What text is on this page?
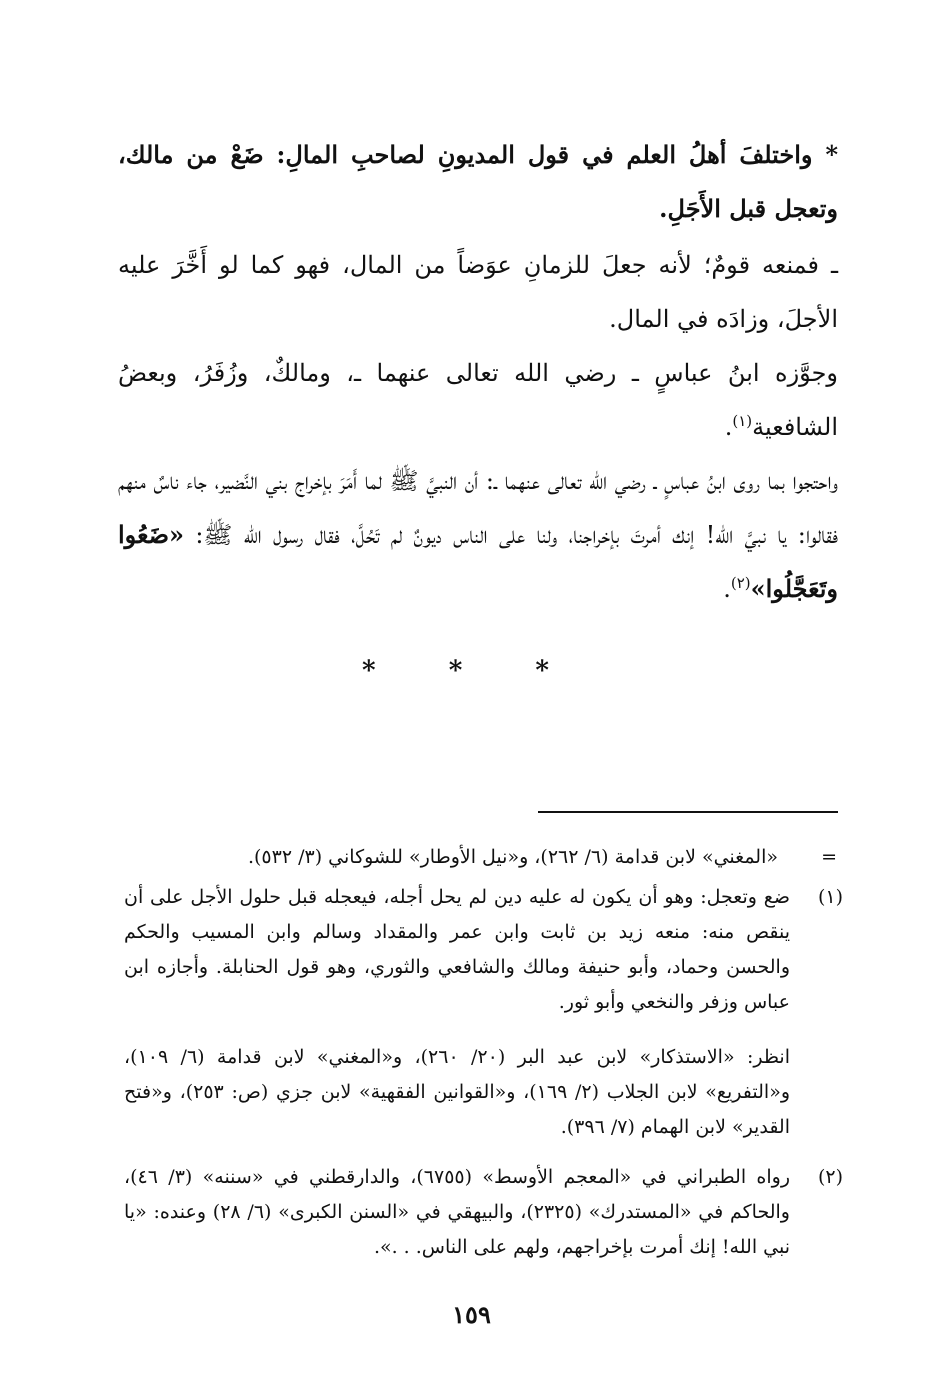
* واختلفَ أهلُ العلم في قول المديونِ لصاحبِ المالِ: ضَعْ من مالك، وتعجل قبل الأَجَلِ.

ـ فمنعه قومٌ؛ لأنه جعلَ للزمانِ عوَضاً من المال، فهو كما لو أَخَّرَ عليه الأجلَ، وزادَه في المال.

وجوَّزه ابنُ عباسٍ ـ رضي الله تعالى عنهما ـ، ومالكٌ، وزُفَرُ، وبعضُ الشافعية$^{(١)}$.

واحتجوا بما روى ابنُ عباسٍ ـ رضي الله تعالى عنهما ـ: أن النبيَّ ﷺ لما أَمَرَ بإخراج بني النَّضير، جاء ناسٌ منهم فقالوا: يا نبيَّ الله! إنك أمرتَ بإخراجنا، ولنا على الناس ديونٌ لم تَحُلَّ، فقال رسول الله ﷺ: «ضَعُوا وتَعَجَّلُوا»$^{(٢)}$.

* * *
=

«المغني» لابن قدامة (٦/ ٢٦٢)، و«نيل الأوطار» للشوكاني (٣/ ٥٣٢).

(١)

ضع وتعجل: وهو أن يكون له عليه دين لم يحل أجله، فيعجله قبل حلول الأجل على أن ينقص منه: منعه زيد بن ثابت وابن عمر والمقداد وسالم وابن المسيب والحكم والحسن وحماد، وأبو حنيفة ومالك والشافعي والثوري، وهو قول الحنابلة. وأجازه ابن عباس وزفر والنخعي وأبو ثور.

انظر: «الاستذكار» لابن عبد البر (٢٠/ ٢٦٠)، و«المغني» لابن قدامة (٦/ ١٠٩)، و«التفريع» لابن الجلاب (٢/ ١٦٩)، و«القوانين الفقهية» لابن جزي (ص: ٢٥٣)، و«فتح القدير» لابن الهمام (٧/ ٣٩٦).

(٢)

رواه الطبراني في «المعجم الأوسط» (٦٧٥٥)، والدارقطني في «سننه» (٣/ ٤٦)، والحاكم في «المستدرك» (٢٣٢٥)، والبيهقي في «السنن الكبرى» (٦/ ٢٨) وعنده: «يا نبي الله! إنك أمرت بإخراجهم، ولهم على الناس. . .».

١٥٩
